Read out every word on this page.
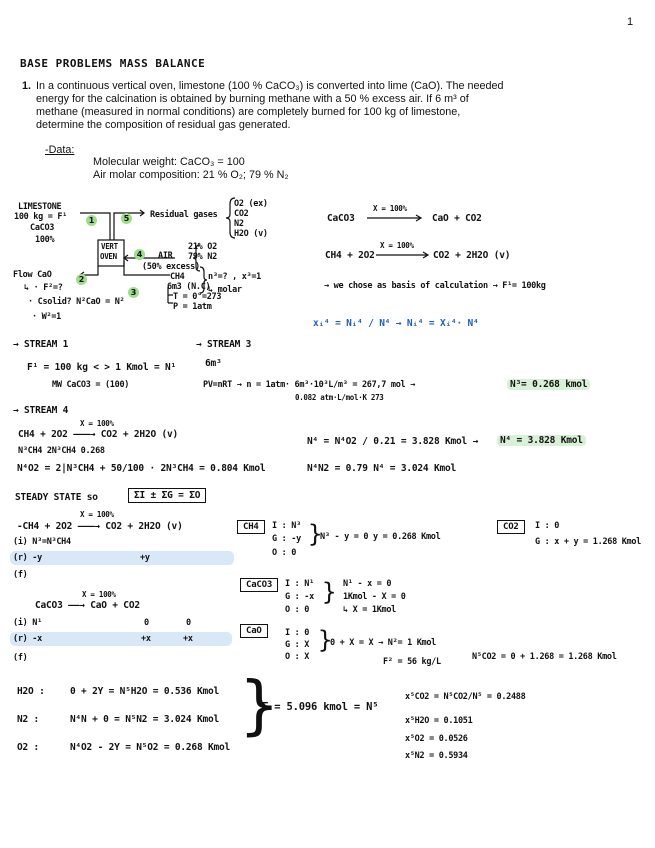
1
BASE PROBLEMS MASS BALANCE
1. In a continuous vertical oven, limestone (100 % CaCO₃) is converted into lime (CaO). The needed
energy for the calcination is obtained by burning methane with a 50 % excess air. If 6 m³ of
methane (measured in normal conditions) are completely burned for 100 kg of limestone,
determine the composition of residual gas generated.
-Data:
Molecular weight: CaCO₃ = 100
Air molar composition: 21 % O₂; 79 % N₂
LIMESTONE
100 kg = F¹
CaCO3
100%
1	5
4
2
3
VERT
OVEN
Residual gases
O2 (ex)
CO2
N2
H2O (v)
AIR
21% O2
79% N2
(50% excess)
CH4
6m3 (N.C)
T = 0°=273
P = 1atm
n³=? , x³=1
↳ molar
Flow CaO
↳ · F²=?
· Csolid? N²CaO = N²
· W²=1
CaCO3
X = 100%
→ CaO + CO2
CH4 + 2O2
X = 100%
→ CO2 + 2H2O (v)
→ we chose as basis of calculation → F¹= 100kg
xᵢ⁴ = Nᵢ⁴ / N⁴ → Nᵢ⁴ = Xᵢ⁴· N⁴
→ STREAM 1
F¹ = 100 kg < > 1 Kmol = N¹
MW CaCO3 = (100)
→ STREAM 3
6m³
PV=nRT → n = 1atm· 6m³·10³L/m³ = 267,7 mol →
0.082 atm·L/mol·K 273
N³= 0.268 kmol
→ STREAM 4
X = 100%
CH4 + 2O2 ———→ CO2 + 2H2O (v)
N³CH4 2N³CH4 0.268
N⁴O2 = 2|N³CH4 + 50/100 · 2N³CH4 = 0.804 Kmol
N⁴ = N⁴O2 / 0.21 = 3.828 Kmol →	N⁴ = 3.828 Kmol
N⁴N2 = 0.79 N⁴ = 3.024 Kmol
STEADY STATE so	ΣI ± ΣG = ΣO
X = 100%
-CH4 + 2O2 ———→ CO2 + 2H2O (v)
(i) N³=N³CH4
(r) -y	+y
(f)
CH4	I : N³
G : -y
O : 0
}
N³ - y = 0 y = 0.268 Kmol
CO2	I : 0
G : x + y = 1.268 Kmol
X = 100%
CaCO3 ——→ CaO + CO2
(i) N¹	0	0
(r) -x	+x	+x
(f)
CaCO3	I : N¹
G : -x
O : 0
} N¹ - x = 0
1Kmol - X = 0
↳ X = 1Kmol
CaO	I : 0
G : X
O : X
}
0 + X = X → N²= 1 Kmol
F² = 56 kg/L	N⁵CO2 = 0 + 1.268 = 1.268 Kmol
H2O :	0 + 2Y = N⁵H2O = 0.536 Kmol
N2 :	N⁴N + 0 = N⁵N2 = 3.024 Kmol
O2 :	N⁴O2 - 2Y = N⁵O2 = 0.268 Kmol
}
Σ = 5.096 kmol = N⁵
x⁵CO2 = N⁵CO2/N⁵ = 0.2488
x⁵H2O = 0.1051
x⁵O2 = 0.0526
x⁵N2 = 0.5934
